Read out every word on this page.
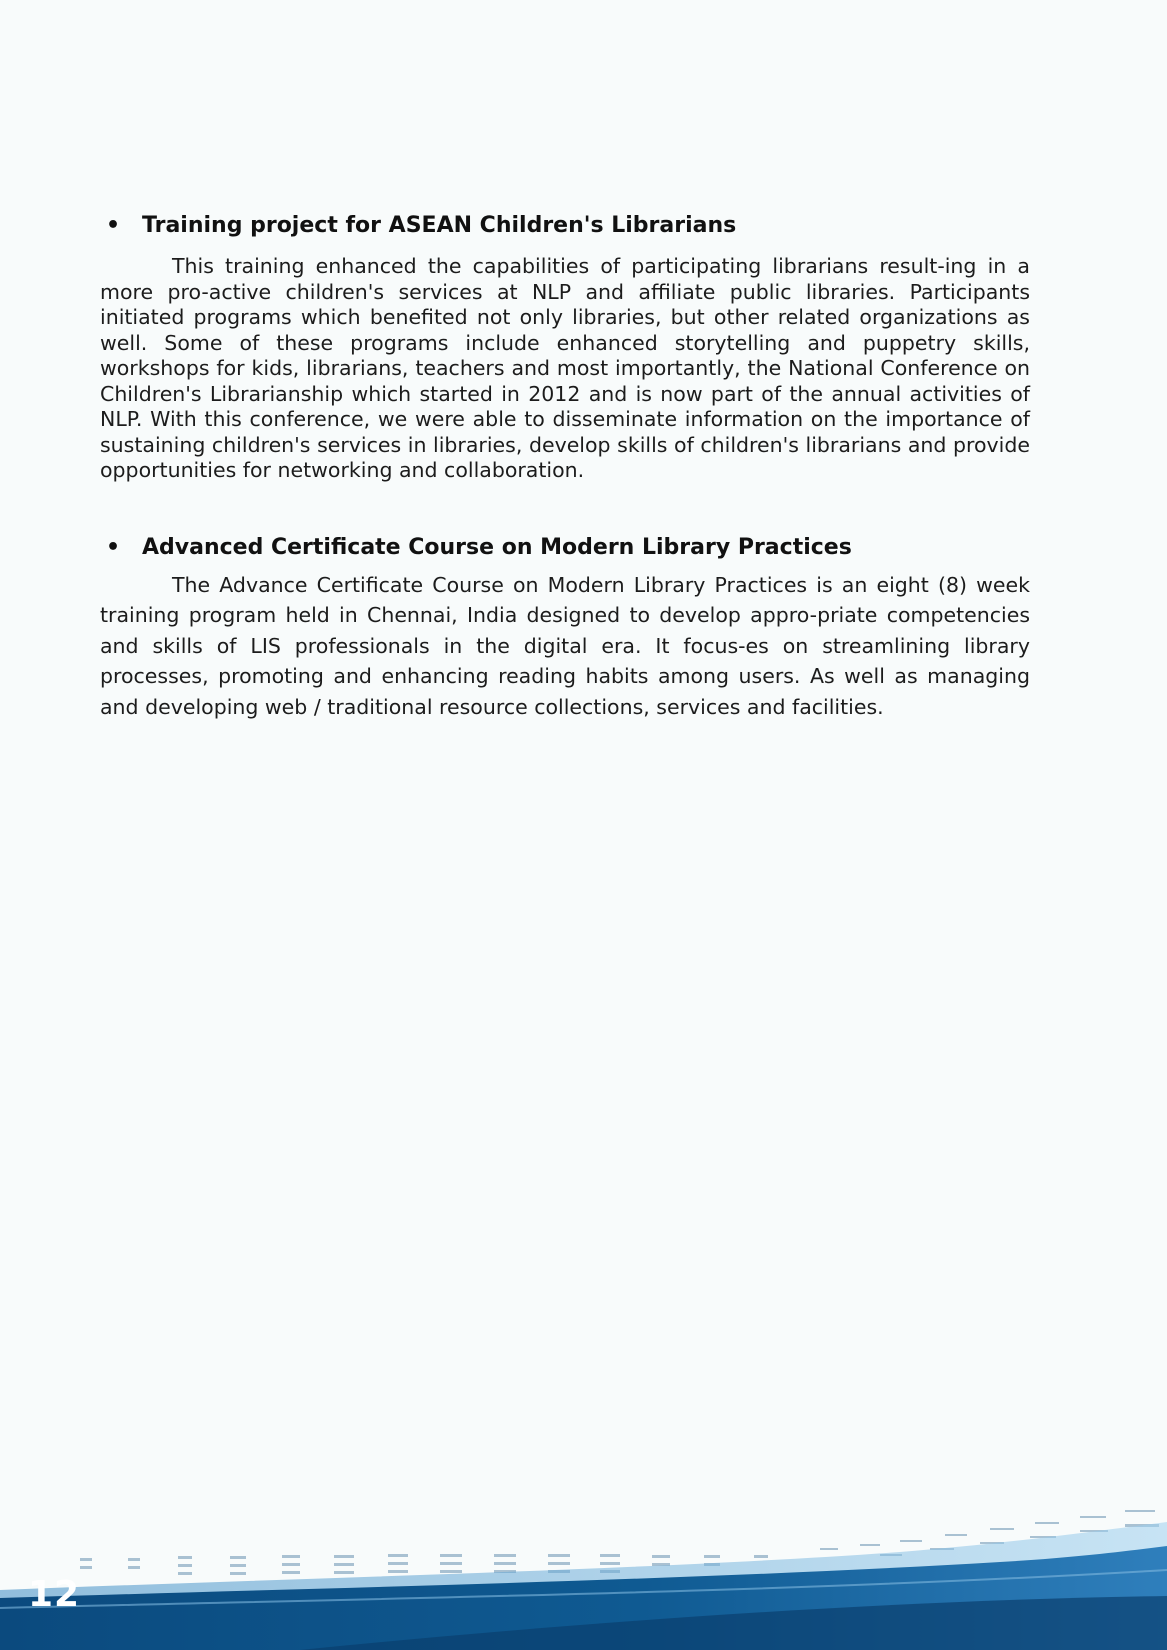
• Training project for ASEAN Children's Librarians

This training enhanced the capabilities of participating librarians result-ing in a more pro-active children's services at NLP and affiliate public libraries. Participants initiated programs which benefited not only libraries, but other related organizations as well. Some of these programs include enhanced storytelling and puppetry skills, workshops for kids, librarians, teachers and most importantly, the National Conference on Children's Librarianship which started in 2012 and is now part of the annual activities of NLP. With this conference, we were able to disseminate information on the importance of sustaining children's services in libraries, develop skills of children's librarians and provide opportunities for networking and collaboration.

• Advanced Certificate Course on Modern Library Practices

The Advance Certificate Course on Modern Library Practices is an eight (8) week training program held in Chennai, India designed to develop appro-priate competencies and skills of LIS professionals in the digital era. It focus-es on streamlining library processes, promoting and enhancing reading habits among users. As well as managing and developing web / traditional resource collections, services and facilities.

12
